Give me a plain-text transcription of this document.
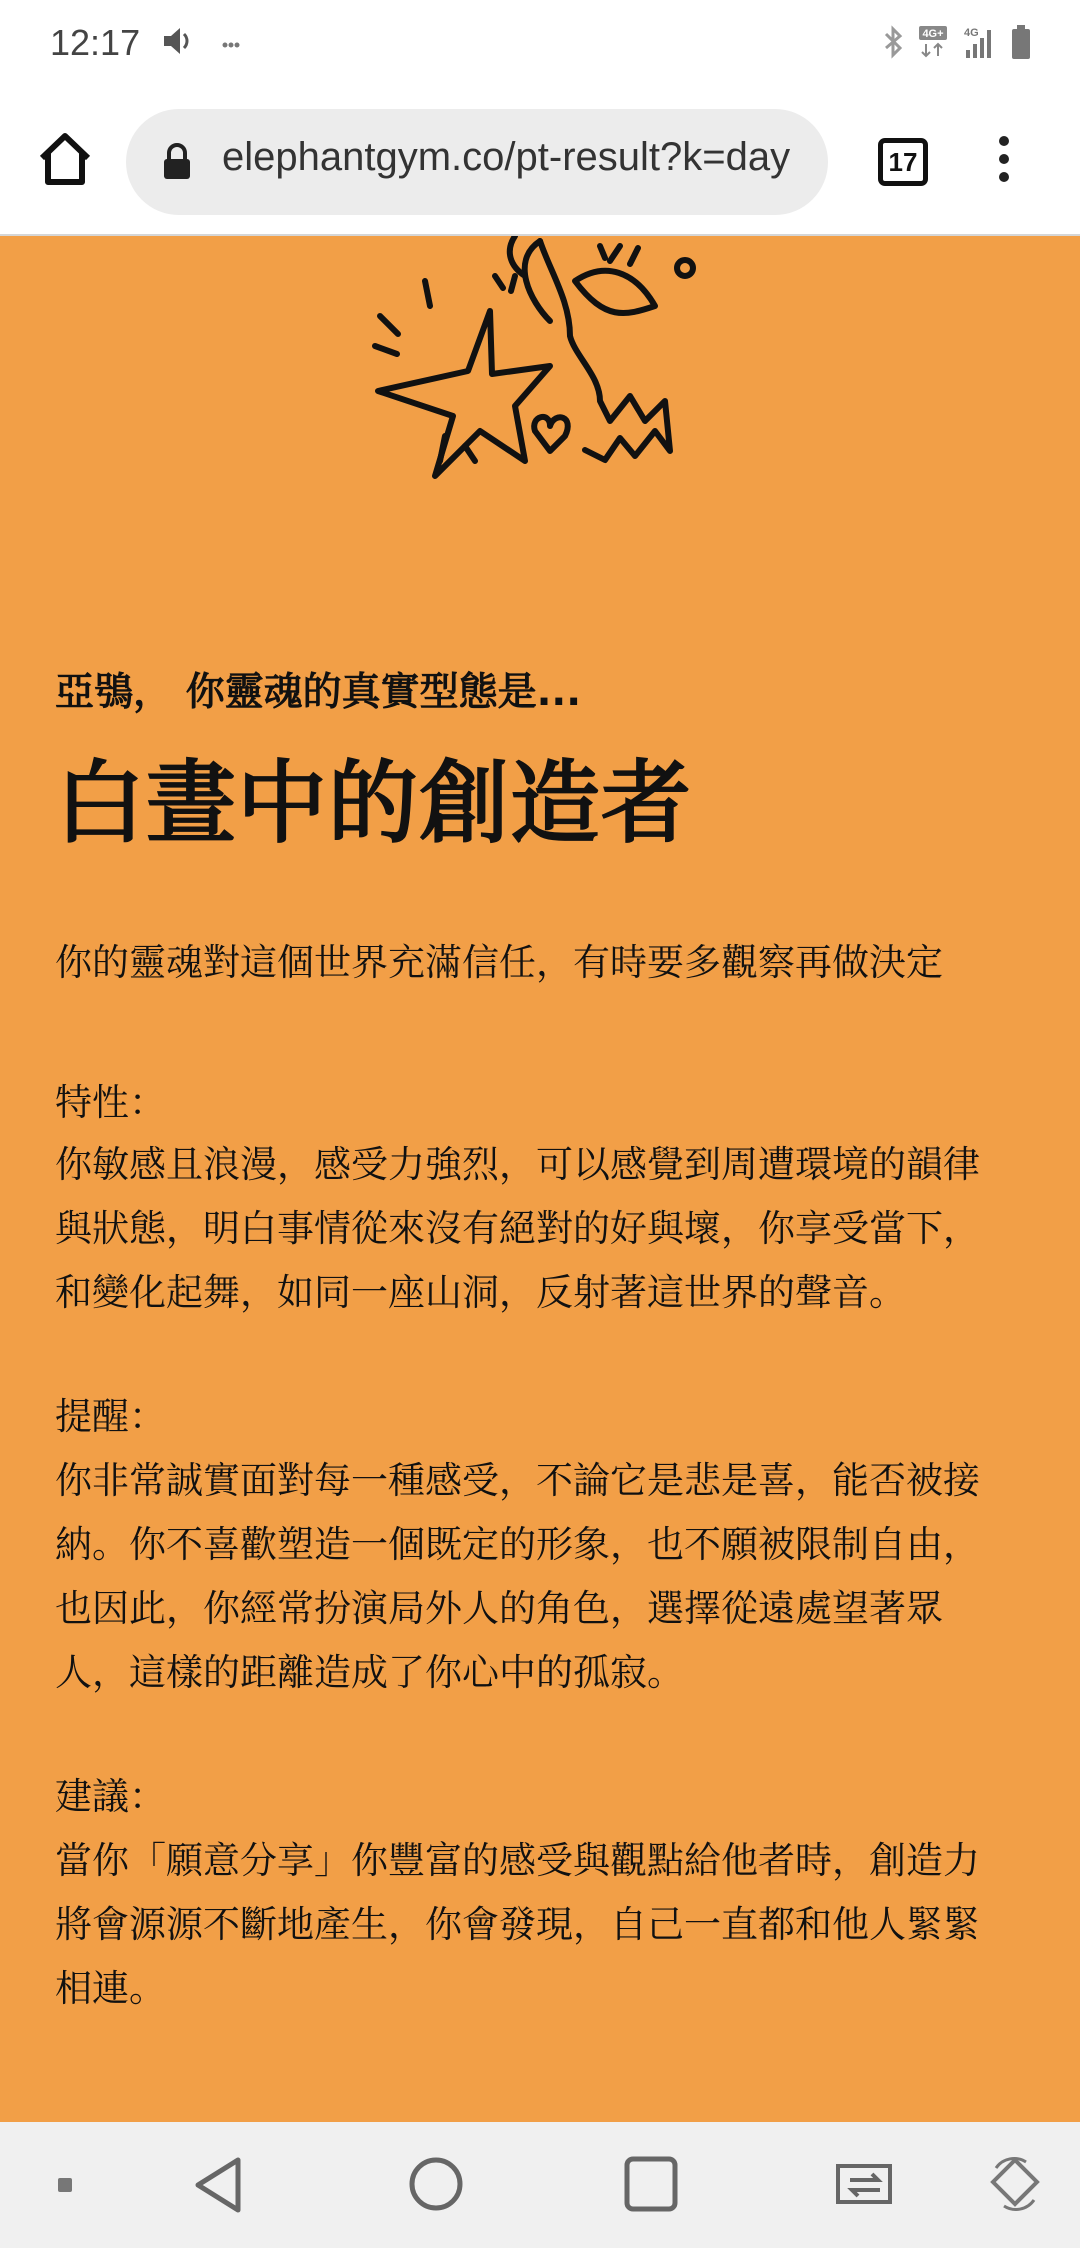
12:17	4G+ 4G
elephantgym.co/pt-result?k=day	17
亞鴞， 你靈魂的真實型態是...
白晝中的創造者
你的靈魂對這個世界充滿信任，有時要多觀察再做決定
特性：
你敏感且浪漫，感受力強烈，可以感覺到周遭環境的韻律
與狀態，明白事情從來沒有絕對的好與壞，你享受當下，
和變化起舞，如同一座山洞，反射著這世界的聲音。
提醒：
你非常誠實面對每一種感受，不論它是悲是喜，能否被接
納。你不喜歡塑造一個既定的形象，也不願被限制自由，
也因此，你經常扮演局外人的角色，選擇從遠處望著眾
人，這樣的距離造成了你心中的孤寂。
建議：
當你「願意分享」你豐富的感受與觀點給他者時，創造力
將會源源不斷地產生，你會發現，自己一直都和他人緊緊
相連。
